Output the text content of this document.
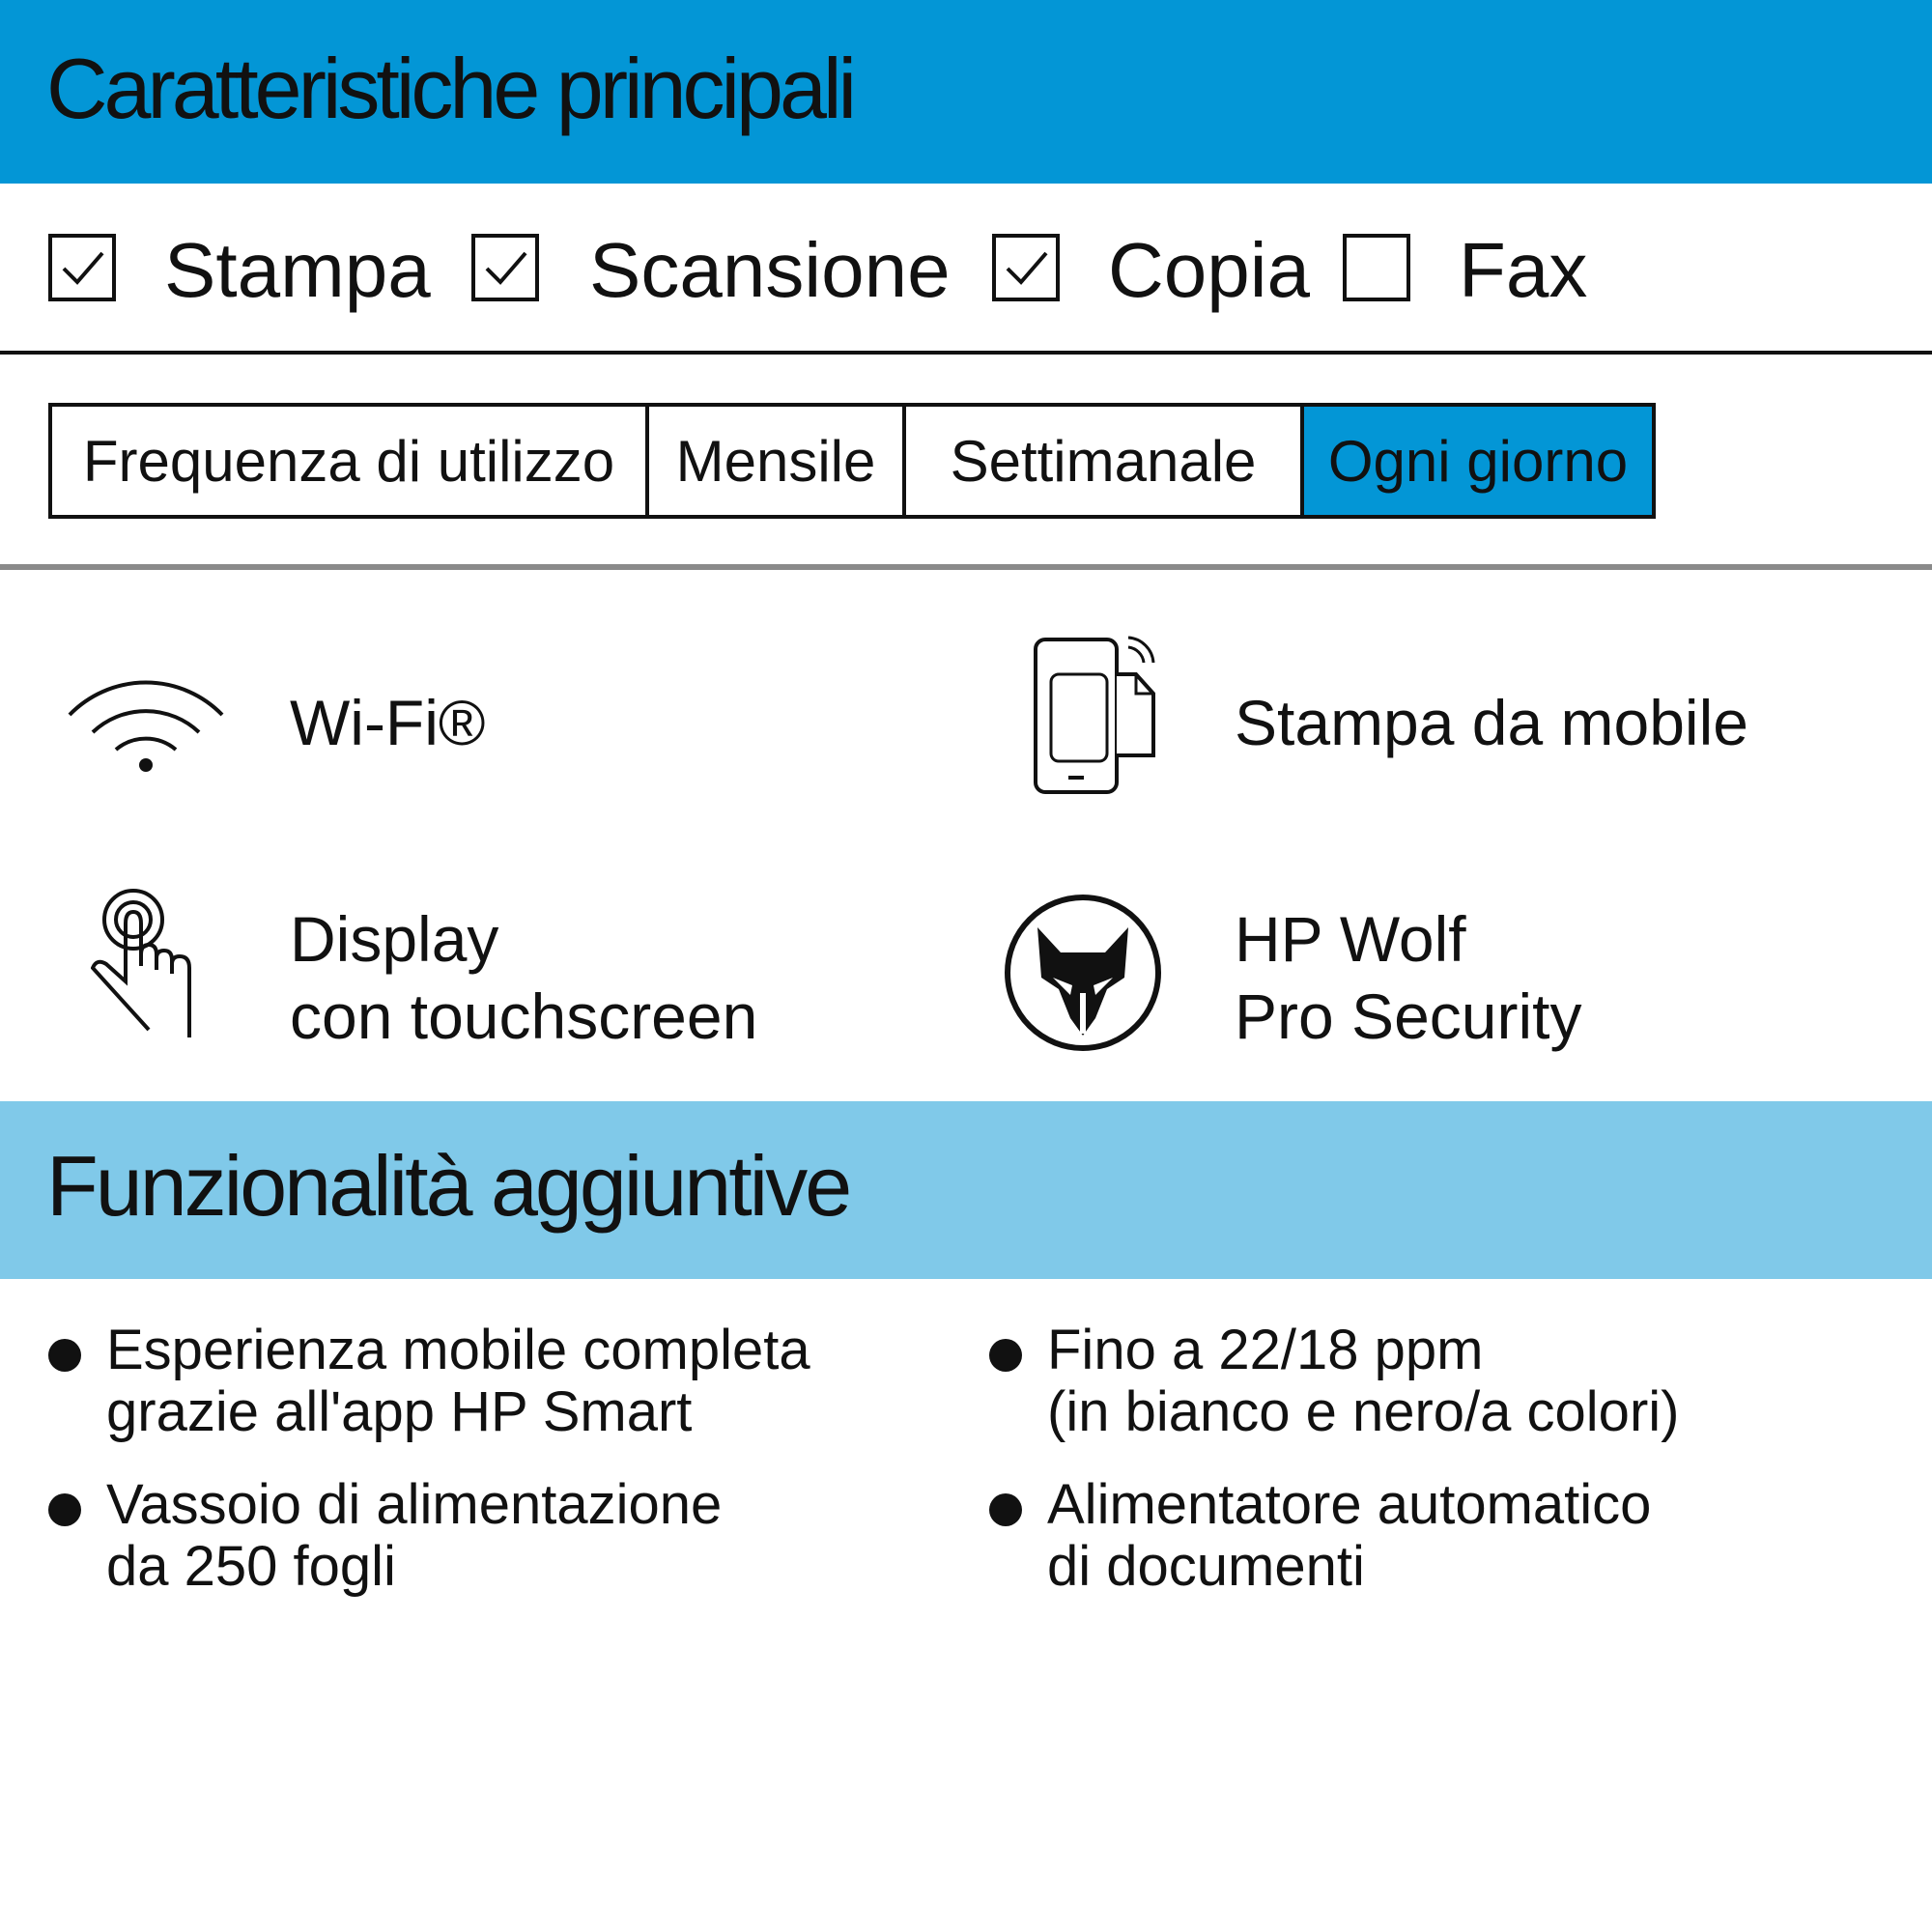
Caratteristiche principali
Stampa Scansione Copia Fax
Frequenza di utilizzo	Mensile	Settimanale	Ogni giorno
Wi-Fi®	Stampa da mobile
Display
con touchscreen
HP Wolf
Pro Security
Funzionalità aggiuntive
Esperienza mobile completa
grazie all'app HP Smart
Fino a 22/18 ppm
(in bianco e nero/a colori)
Vassoio di alimentazione
da 250 fogli
Alimentatore automatico
di documenti
